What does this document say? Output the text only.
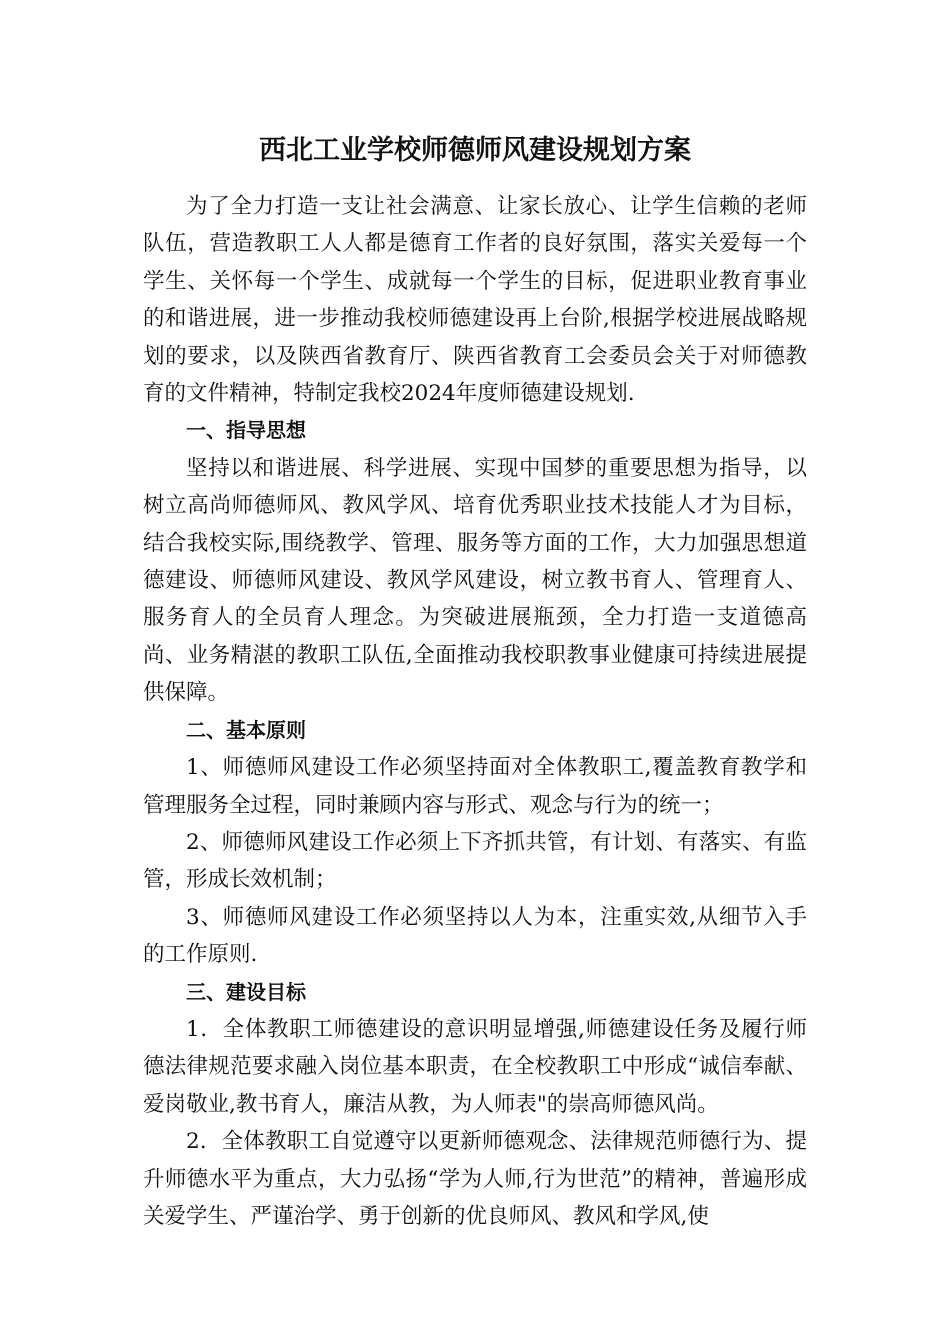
西北工业学校师德师风建设规划方案

为了全力打造一支让社会满意、让家长放心、让学生信赖的老师队伍，营造教职工人人都是德育工作者的良好氛围，落实关爱每一个学生、关怀每一个学生、成就每一个学生的目标，促进职业教育事业的和谐进展，进一步推动我校师德建设再上台阶,根据学校进展战略规划的要求，以及陕西省教育厅、陕西省教育工会委员会关于对师德教育的文件精神，特制定我校2024年度师德建设规划.

一、指导思想

坚持以和谐进展、科学进展、实现中国梦的重要思想为指导，以树立高尚师德师风、教风学风、培育优秀职业技术技能人才为目标，结合我校实际,围绕教学、管理、服务等方面的工作，大力加强思想道德建设、师德师风建设、教风学风建设，树立教书育人、管理育人、服务育人的全员育人理念。为突破进展瓶颈，全力打造一支道德高尚、业务精湛的教职工队伍,全面推动我校职教事业健康可持续进展提供保障。

二、基本原则

1、师德师风建设工作必须坚持面对全体教职工,覆盖教育教学和管理服务全过程，同时兼顾内容与形式、观念与行为的统一；

2、师德师风建设工作必须上下齐抓共管，有计划、有落实、有监管，形成长效机制；

3、师德师风建设工作必须坚持以人为本，注重实效,从细节入手的工作原则.

三、建设目标

1．全体教职工师德建设的意识明显增强,师德建设任务及履行师德法律规范要求融入岗位基本职责，在全校教职工中形成“诚信奉献、爱岗敬业,教书育人，廉洁从教，为人师表"的崇高师德风尚。

2．全体教职工自觉遵守以更新师德观念、法律规范师德行为、提升师德水平为重点，大力弘扬“学为人师,行为世范”的精神，普遍形成关爱学生、严谨治学、勇于创新的优良师风、教风和学风,使
